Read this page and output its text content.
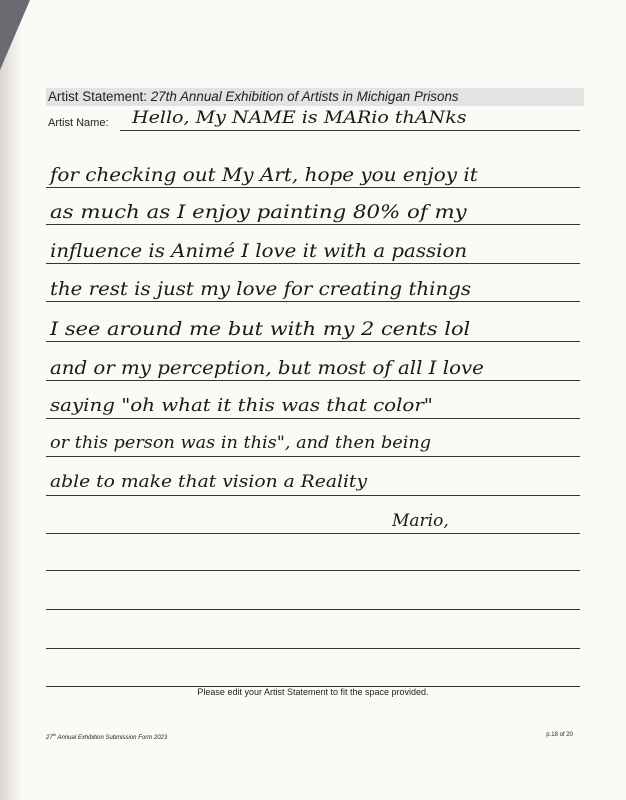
Artist Statement: 27th Annual Exhibition of Artists in Michigan Prisons
Artist Name: Hello, My NAME is MARio thANks
for checking out My Art, hope you enjoy it
as much as I enjoy painting 80% of my
influence is Animé I love it with a passion
the rest is just my love for creating things
I see around me but with my 2 cents lol
and or my perception, but most of all I love
saying "oh what it this was that color"
or this person was in this", and then being
able to make that vision a Reality
Mario,
Please edit your Artist Statement to fit the space provided.
27th Annual Exhibition Submission Form 2023	p.18 of 20
